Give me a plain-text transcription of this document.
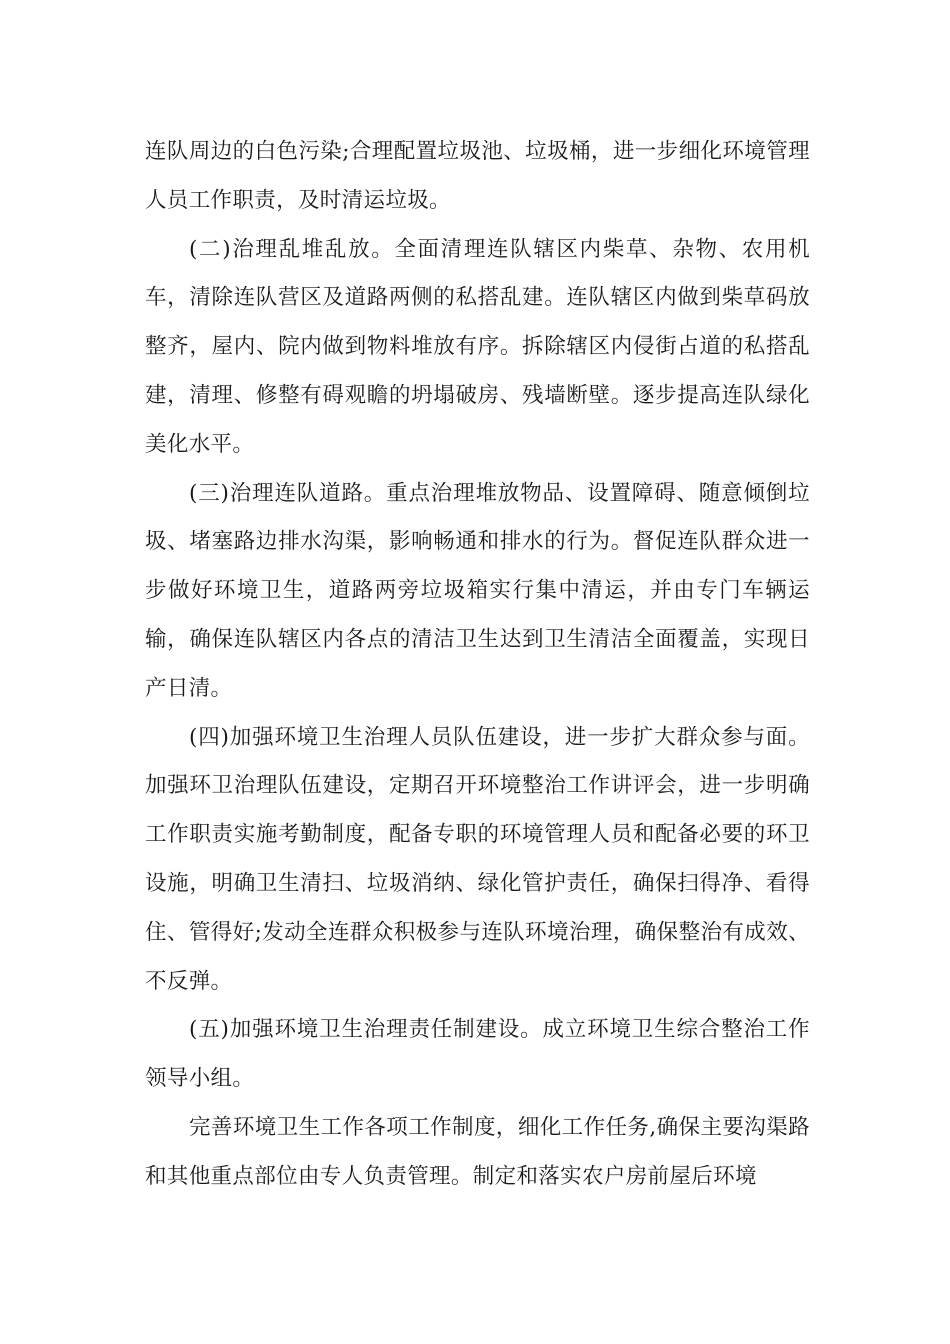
连队周边的白色污染;合理配置垃圾池、垃圾桶，进一步细化环境管理人员工作职责，及时清运垃圾。

(二)治理乱堆乱放。全面清理连队辖区内柴草、杂物、农用机车，清除连队营区及道路两侧的私搭乱建。连队辖区内做到柴草码放整齐，屋内、院内做到物料堆放有序。拆除辖区内侵街占道的私搭乱建，清理、修整有碍观瞻的坍塌破房、残墙断壁。逐步提高连队绿化美化水平。

(三)治理连队道路。重点治理堆放物品、设置障碍、随意倾倒垃圾、堵塞路边排水沟渠，影响畅通和排水的行为。督促连队群众进一步做好环境卫生，道路两旁垃圾箱实行集中清运，并由专门车辆运输，确保连队辖区内各点的清洁卫生达到卫生清洁全面覆盖，实现日产日清。

(四)加强环境卫生治理人员队伍建设，进一步扩大群众参与面。加强环卫治理队伍建设，定期召开环境整治工作讲评会，进一步明确工作职责实施考勤制度，配备专职的环境管理人员和配备必要的环卫设施，明确卫生清扫、垃圾消纳、绿化管护责任，确保扫得净、看得住、管得好;发动全连群众积极参与连队环境治理，确保整治有成效、不反弹。

(五)加强环境卫生治理责任制建设。成立环境卫生综合整治工作领导小组。

完善环境卫生工作各项工作制度，细化工作任务,确保主要沟渠路和其他重点部位由专人负责管理。制定和落实农户房前屋后环境
